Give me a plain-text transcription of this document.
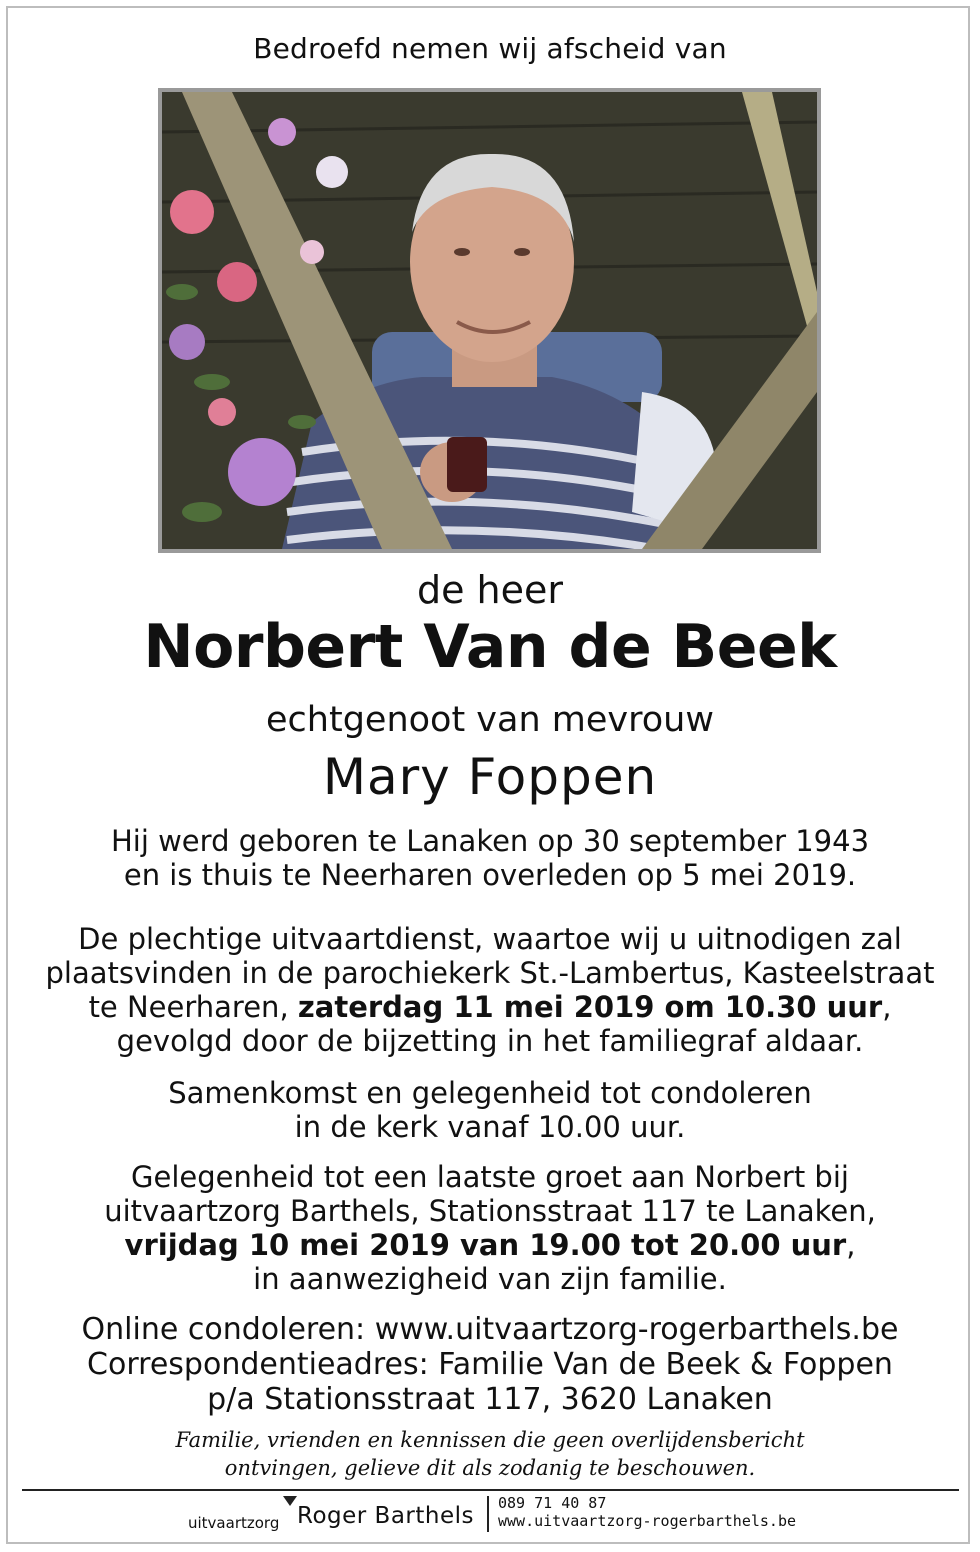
Bedroefd nemen wij afscheid van
de heer
Norbert Van de Beek
echtgenoot van mevrouw
Mary Foppen
Hij werd geboren te Lanaken op 30 september 1943
en is thuis te Neerharen overleden op 5 mei 2019.
De plechtige uitvaartdienst, waartoe wij u uitnodigen zal
plaatsvinden in de parochiekerk St.-Lambertus, Kasteelstraat
te Neerharen, zaterdag 11 mei 2019 om 10.30 uur,
gevolgd door de bijzetting in het familiegraf aldaar.
Samenkomst en gelegenheid tot condoleren
in de kerk vanaf 10.00 uur.
Gelegenheid tot een laatste groet aan Norbert bij
uitvaartzorg Barthels, Stationsstraat 117 te Lanaken,
vrijdag 10 mei 2019 van 19.00 tot 20.00 uur,
in aanwezigheid van zijn familie.
Online condoleren: www.uitvaartzorg-rogerbarthels.be
Correspondentieadres: Familie Van de Beek & Foppen
p/a Stationsstraat 117, 3620 Lanaken
Familie, vrienden en kennissen die geen overlijdensbericht
ontvingen, gelieve dit als zodanig te beschouwen.
uitvaartzorg Roger Barthels 089 71 40 87
www.uitvaartzorg-rogerbarthels.be
